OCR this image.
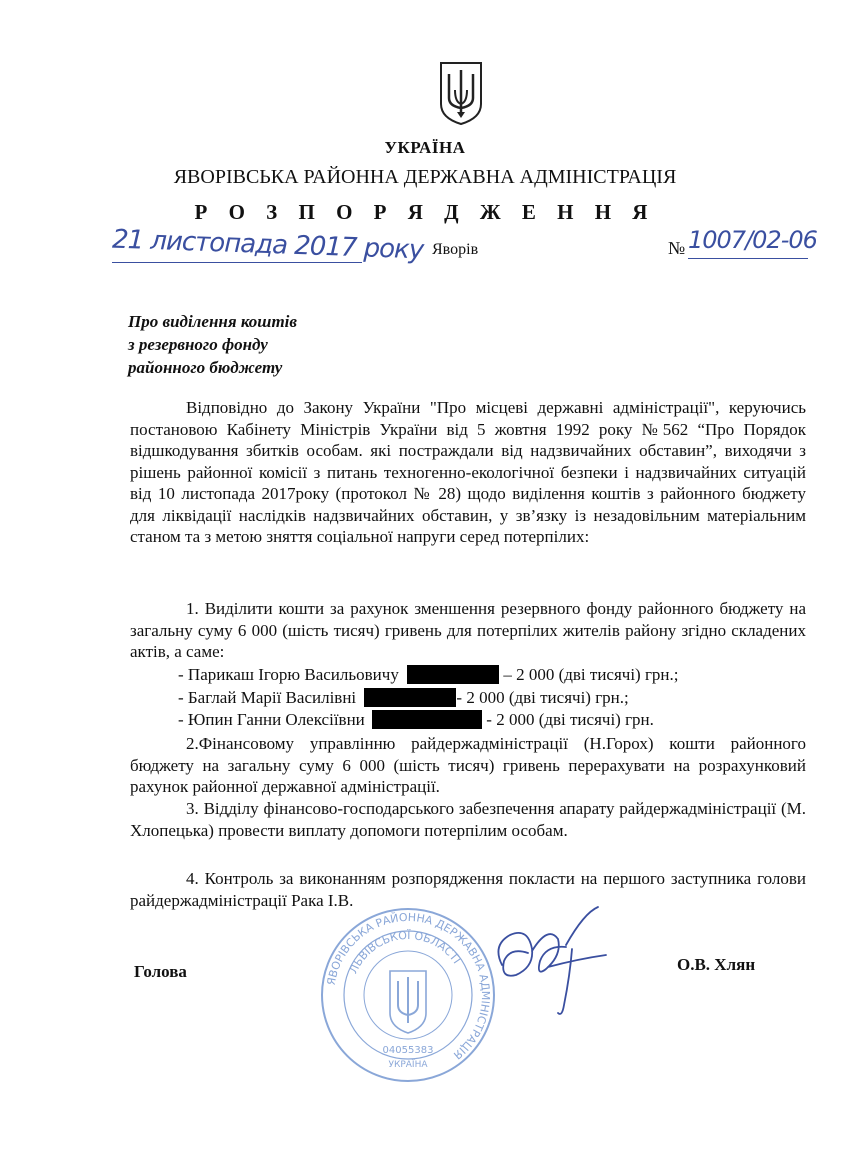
УКРАЇНА
ЯВОРІВСЬКА РАЙОННА ДЕРЖАВНА АДМІНІСТРАЦІЯ
Р О З П О Р Я Д Ж Е Н Н Я
21 листопада 2017 року Яворів	№ 1007/02-06
Про виділення коштів
з резервного фонду
районного бюджету
Відповідно до Закону України "Про місцеві державні адміністрації", керуючись постановою Кабінету Міністрів України від 5 жовтня 1992 року №562 “Про Порядок відшкодування збитків особам. які постраждали від надзвичайних обставин”, виходячи з рішень районної комісії з питань техногенно-екологічної безпеки і надзвичайних ситуацій від 10 листопада 2017року (протокол № 28) щодо виділення коштів з районного бюджету для ліквідації наслідків надзвичайних обставин, у зв’язку із незадовільним матеріальним станом та з метою зняття соціальної напруги серед потерпілих:
1. Виділити кошти за рахунок зменшення резервного фонду районного бюджету на загальну суму 6 000 (шість тисяч) гривень для потерпілих жителів району згідно складених актів, а саме:
- Парикаш Ігорю Васильовичу	– 2 000 (дві тисячі) грн.;
- Баглай Марії Василівні	- 2 000 (дві тисячі) грн.;
- Юпин Ганни Олексіївни	- 2 000 (дві тисячі) грн.
2.Фінансовому управлінню райдержадміністрації (Н.Горох) кошти районного бюджету на загальну суму 6 000 (шість тисяч) гривень перерахувати на розрахунковий рахунок районної державної адміністрації.
3. Відділу фінансово-господарського забезпечення апарату райдержадміністрації (М. Хлопецька) провести виплату допомоги потерпілим особам.
4. Контроль за виконанням розпорядження покласти на першого заступника голови райдержадміністрації Рака І.В.
ЯВОРІВСЬКА РАЙОННА ДЕРЖАВНА АДМІНІСТРАЦІЯ
ЛЬВІВСЬКОЇ ОБЛАСТІ
04055383
УКРАЇНА
Голова	О.В. Хлян
